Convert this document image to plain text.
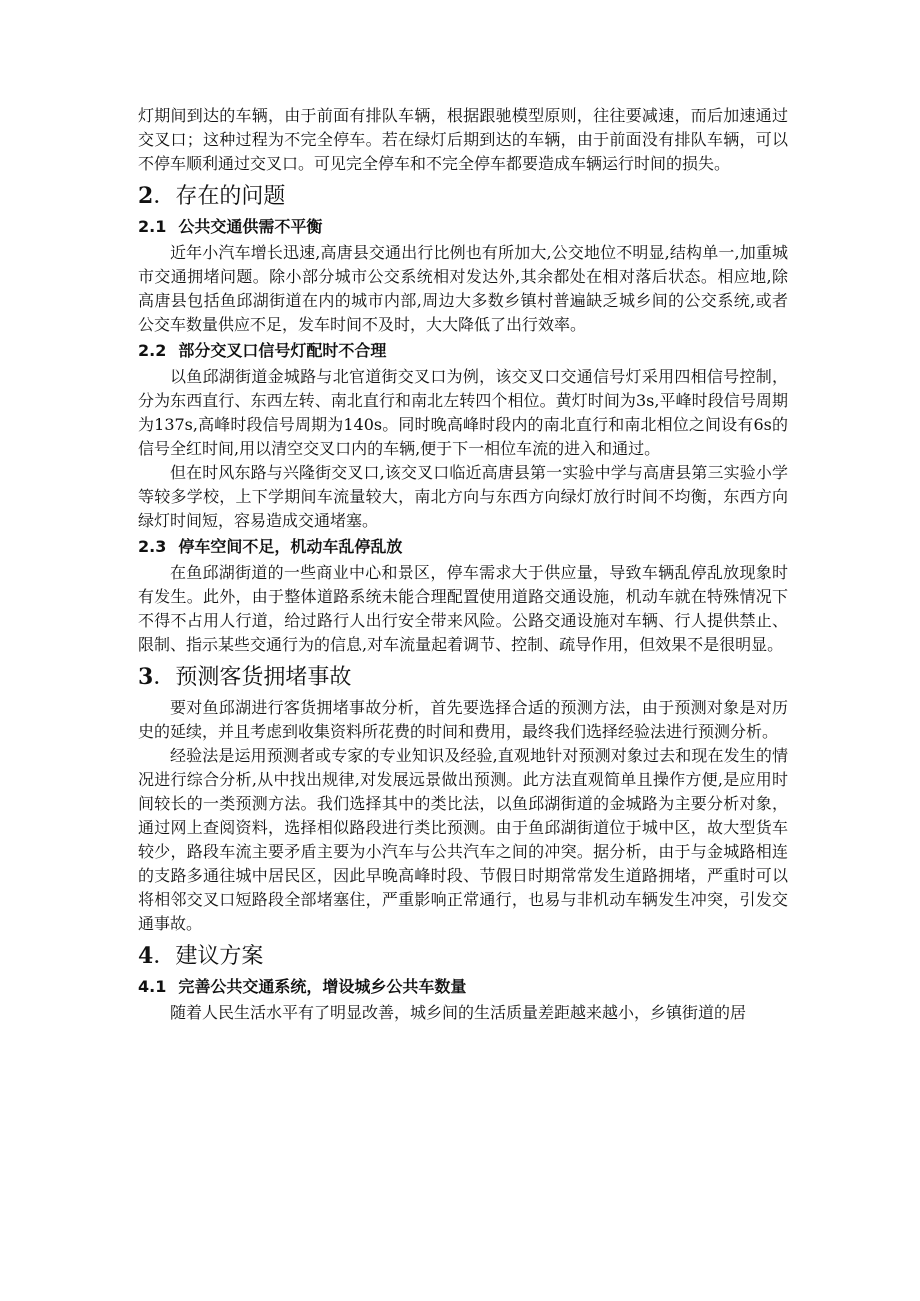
灯期间到达的车辆，由于前面有排队车辆，根据跟驰模型原则，往往要减速，而后加速通过交叉口；这种过程为不完全停车。若在绿灯后期到达的车辆，由于前面没有排队车辆，可以不停车顺利通过交叉口。可见完全停车和不完全停车都要造成车辆运行时间的损失。

2．存在的问题
2.1 公共交通供需不平衡

近年小汽车增长迅速,高唐县交通出行比例也有所加大,公交地位不明显,结构单一,加重城市交通拥堵问题。除小部分城市公交系统相对发达外,其余都处在相对落后状态。相应地,除高唐县包括鱼邱湖街道在内的城市内部,周边大多数乡镇村普遍缺乏城乡间的公交系统,或者公交车数量供应不足，发车时间不及时，大大降低了出行效率。

2.2 部分交叉口信号灯配时不合理

以鱼邱湖街道金城路与北官道街交叉口为例，该交叉口交通信号灯采用四相信号控制，分为东西直行、东西左转、南北直行和南北左转四个相位。黄灯时间为3s,平峰时段信号周期为137s,高峰时段信号周期为140s。同时晚高峰时段内的南北直行和南北相位之间设有6s的信号全红时间,用以清空交叉口内的车辆,便于下一相位车流的进入和通过。

但在时风东路与兴隆街交叉口,该交叉口临近高唐县第一实验中学与高唐县第三实验小学等较多学校，上下学期间车流量较大，南北方向与东西方向绿灯放行时间不均衡，东西方向绿灯时间短，容易造成交通堵塞。

2.3 停车空间不足，机动车乱停乱放

在鱼邱湖街道的一些商业中心和景区，停车需求大于供应量，导致车辆乱停乱放现象时有发生。此外，由于整体道路系统未能合理配置使用道路交通设施，机动车就在特殊情况下不得不占用人行道，给过路行人出行安全带来风险。公路交通设施对车辆、行人提供禁止、限制、指示某些交通行为的信息,对车流量起着调节、控制、疏导作用，但效果不是很明显。

3．预测客货拥堵事故

要对鱼邱湖进行客货拥堵事故分析，首先要选择合适的预测方法，由于预测对象是对历史的延续，并且考虑到收集资料所花费的时间和费用，最终我们选择经验法进行预测分析。

经验法是运用预测者或专家的专业知识及经验,直观地针对预测对象过去和现在发生的情况进行综合分析,从中找出规律,对发展远景做出预测。此方法直观简单且操作方便,是应用时间较长的一类预测方法。我们选择其中的类比法，以鱼邱湖街道的金城路为主要分析对象，通过网上查阅资料，选择相似路段进行类比预测。由于鱼邱湖街道位于城中区，故大型货车较少，路段车流主要矛盾主要为小汽车与公共汽车之间的冲突。据分析，由于与金城路相连的支路多通往城中居民区，因此早晚高峰时段、节假日时期常常发生道路拥堵，严重时可以将相邻交叉口短路段全部堵塞住，严重影响正常通行，也易与非机动车辆发生冲突，引发交通事故。

4．建议方案
4.1 完善公共交通系统，增设城乡公共车数量

随着人民生活水平有了明显改善，城乡间的生活质量差距越来越小，乡镇街道的居
